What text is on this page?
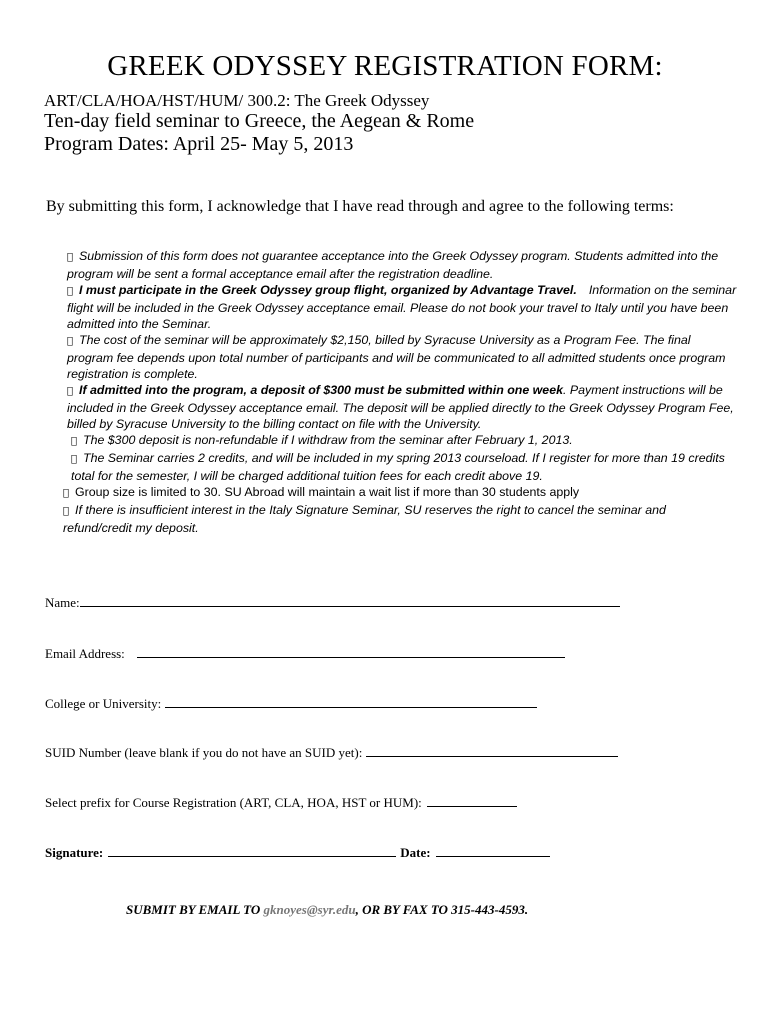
GREEK ODYSSEY REGISTRATION FORM:
ART/CLA/HOA/HST/HUM/ 300.2: The Greek Odyssey
Ten-day field seminar to Greece, the Aegean & Rome
Program Dates: April 25- May 5, 2013
By submitting this form, I acknowledge that I have read through and agree to the following terms:

Submission of this form does not guarantee acceptance into the Greek Odyssey program. Students admitted into the program will be sent a formal acceptance email after the registration deadline.

I must participate in the Greek Odyssey group flight, organized by Advantage Travel. Information on the seminar flight will be included in the Greek Odyssey acceptance email. Please do not book your travel to Italy until you have been admitted into the Seminar.

The cost of the seminar will be approximately $2,150, billed by Syracuse University as a Program Fee. The final program fee depends upon total number of participants and will be communicated to all admitted students once program registration is complete.

If admitted into the program, a deposit of $300 must be submitted within one week. Payment instructions will be included in the Greek Odyssey acceptance email. The deposit will be applied directly to the Greek Odyssey Program Fee, billed by Syracuse University to the billing contact on file with the University.

The $300 deposit is non-refundable if I withdraw from the seminar after February 1, 2013.

The Seminar carries 2 credits, and will be included in my spring 2013 courseload. If I register for more than 19 credits total for the semester, I will be charged additional tuition fees for each credit above 19.

Group size is limited to 30. SU Abroad will maintain a wait list if more than 30 students apply

If there is insufficient interest in the Italy Signature Seminar, SU reserves the right to cancel the seminar and refund/credit my deposit.

Name:
Email Address:
College or University:
SUID Number (leave blank if you do not have an SUID yet):
Select prefix for Course Registration (ART, CLA, HOA, HST or HUM):
Signature:	Date:
SUBMIT BY EMAIL TO gknoyes@syr.edu, OR BY FAX TO 315-443-4593.
